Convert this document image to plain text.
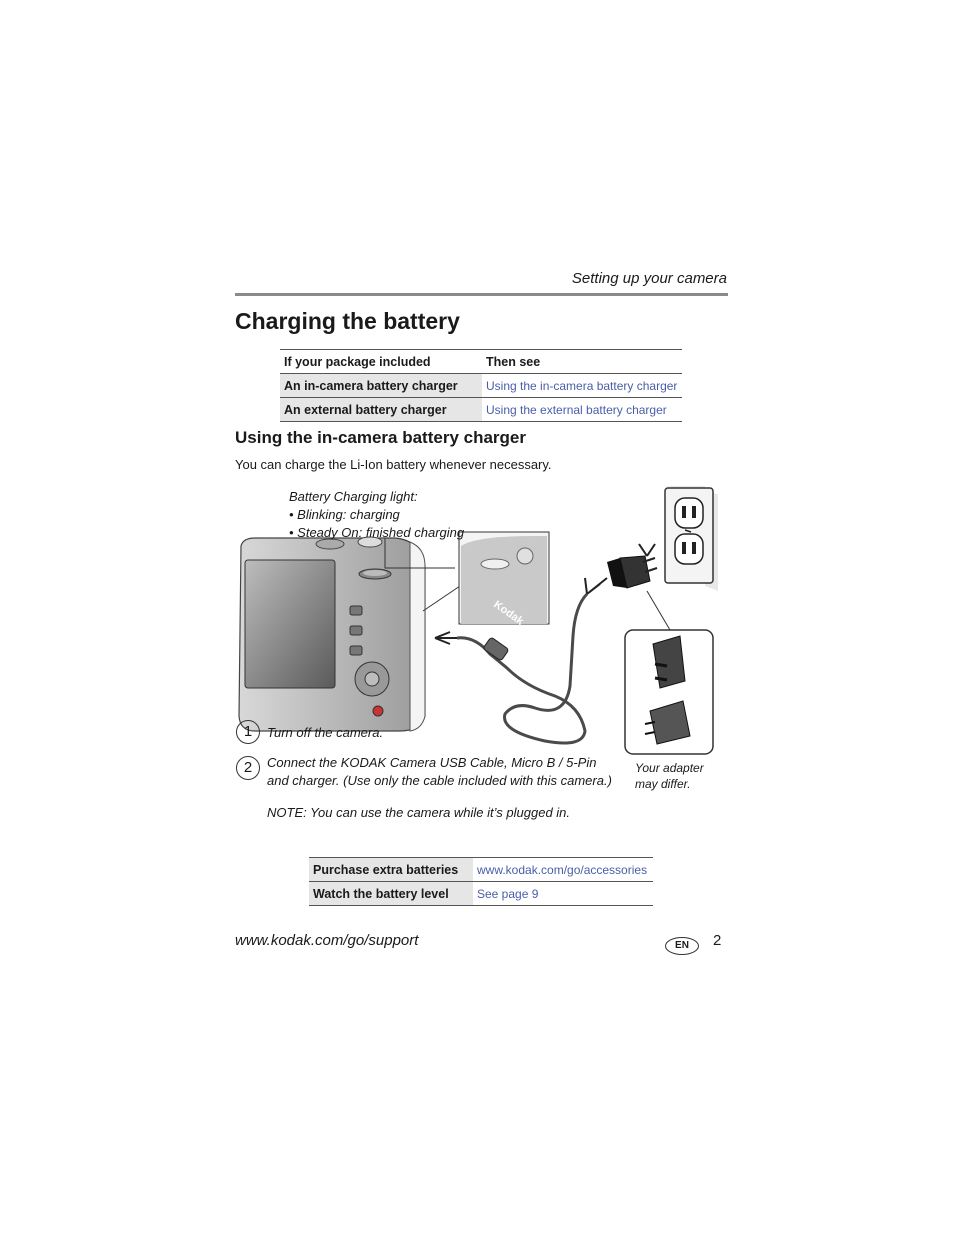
Setting up your camera
Charging the battery
If your package included	Then see
An in-camera battery charger	Using the in-camera battery charger
An external battery charger	Using the external battery charger
Using the in-camera battery charger
You can charge the Li-Ion battery whenever necessary.
Kodak
Battery Charging light:
• Blinking: charging
• Steady On: finished charging
Your adapter
may differ.
1	Turn off the camera.
2	Connect the KODAK Camera USB Cable, Micro B / 5-Pin and charger. (Use only the cable included with this camera.)
NOTE: You can use the camera while it’s plugged in.
Purchase extra batteries	www.kodak.com/go/accessories
Watch the battery level	See page 9
www.kodak.com/go/support	EN	2
